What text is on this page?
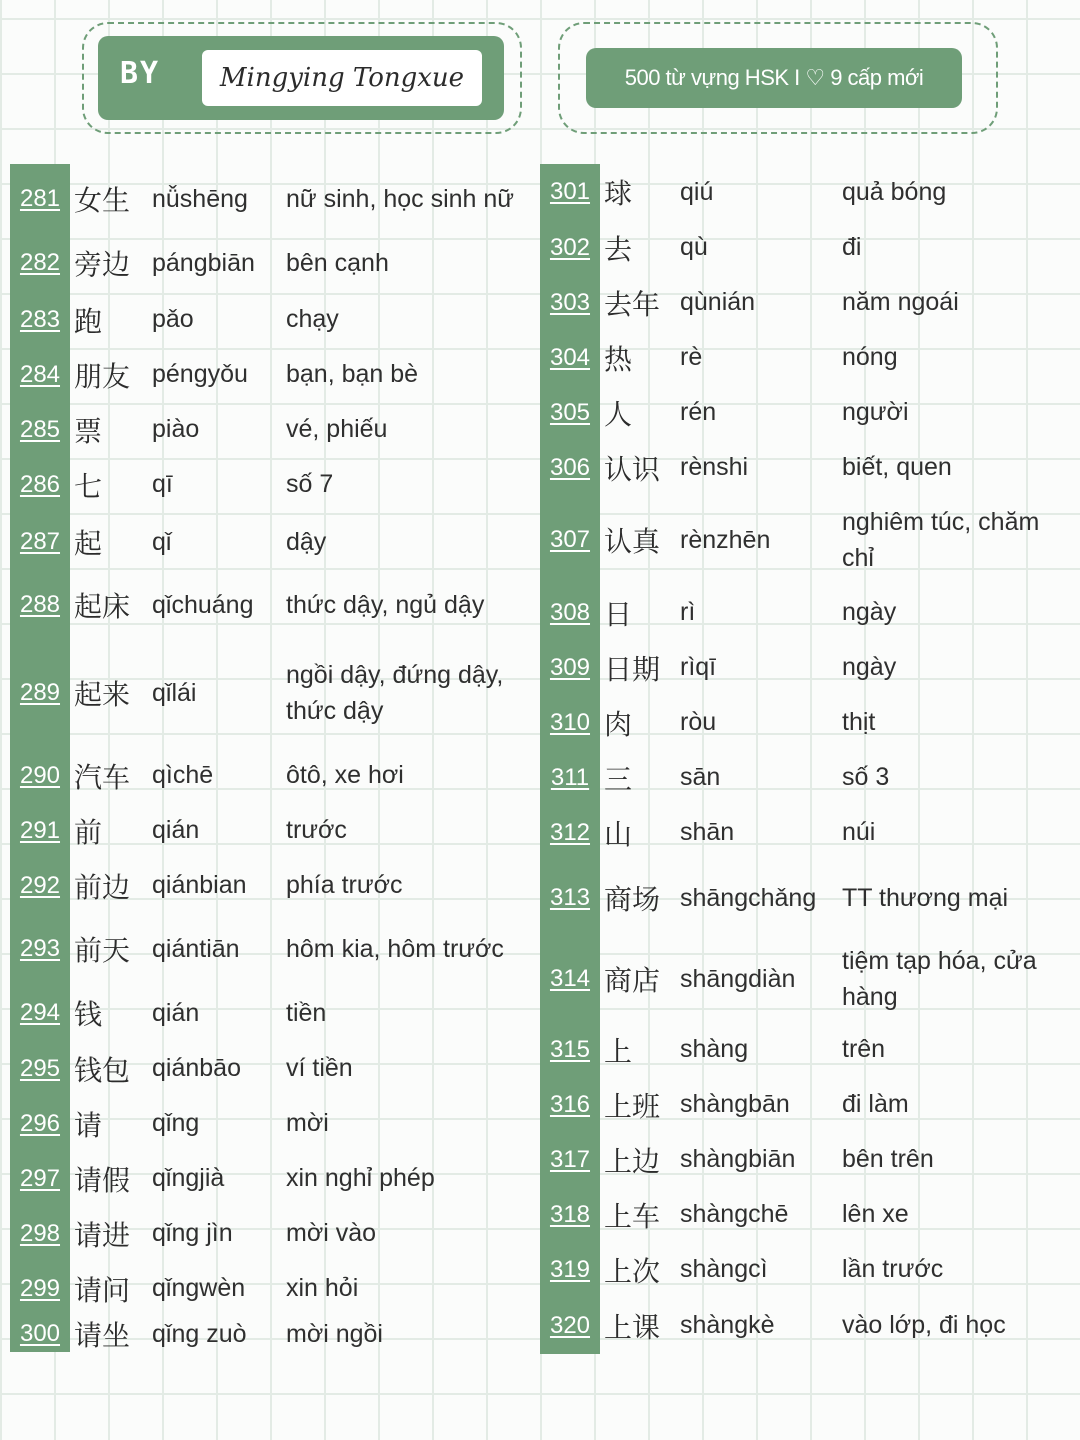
BY Mingying Tongxue	500 từ vựng HSK I ♡ 9 cấp mới
281 女生 nǚshēng	nữ sinh, học sinh nữ
282 旁边 pángbiān	bên cạnh
283 跑	pǎo	chạy
284 朋友 péngyǒu	bạn, bạn bè
285 票	piào	vé, phiếu
286 七	qī	số 7
287 起	qǐ	dậy
288 起床 qǐchuáng	thức dậy, ngủ dậy
289 起来 qǐlái
ngồi dậy, đứng dậy, thức dậy
290 汽车 qìchē	ôtô, xe hơi
291 前	qián	trước
292 前边 qiánbian	phía trước
293 前天 qiántiān	hôm kia, hôm trước
294 钱	qián	tiền
295 钱包 qiánbāo	ví tiền
296 请	qǐng	mời
297 请假 qǐngjià	xin nghỉ phép
298 请进 qǐng jìn	mời vào
299 请问 qǐngwèn	xin hỏi
300 请坐 qǐng zuò	mời ngồi
301 球	qiú	quả bóng
302 去	qù	đi
303 去年 qùnián	năm ngoái
304 热	rè	nóng
305 人	rén	người
306 认识 rènshi	biết, quen
307 认真 rènzhēn
nghiêm túc, chăm chỉ
308 日	rì	ngày
309 日期 rìqī	ngày
310 肉	ròu	thịt
311 三	sān	số 3
312 山	shān	núi
313 商场 shāngchǎng	TT thương mại
314 商店 shāngdiàn
tiệm tạp hóa, cửa hàng
315 上	shàng	trên
316 上班 shàngbān	đi làm
317 上边 shàngbiān	bên trên
318 上车 shàngchē	lên xe
319 上次 shàngcì	lần trước
320 上课 shàngkè	vào lớp, đi học
